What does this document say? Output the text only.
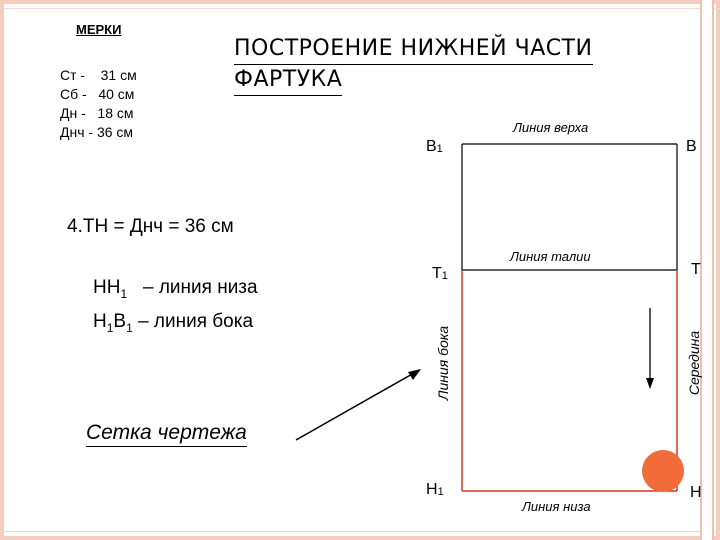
МЕРКИ
Ст -    31 см
Сб -   40 см
Дн -   18 см
Днч - 36 см
ПОСТРОЕНИЕ НИЖНЕЙ ЧАСТИ
ФАРТУКА
4.ТН = Днч = 36 см
$НН_1$   – линия низа
$Н_1В_1$ – линия бока
Сетка чертежа
$В_1$	В
$Т_1$	Т
$Н_1$	Н
Линия верха
Линия талии
Линия низа
Линия бока	Середина
